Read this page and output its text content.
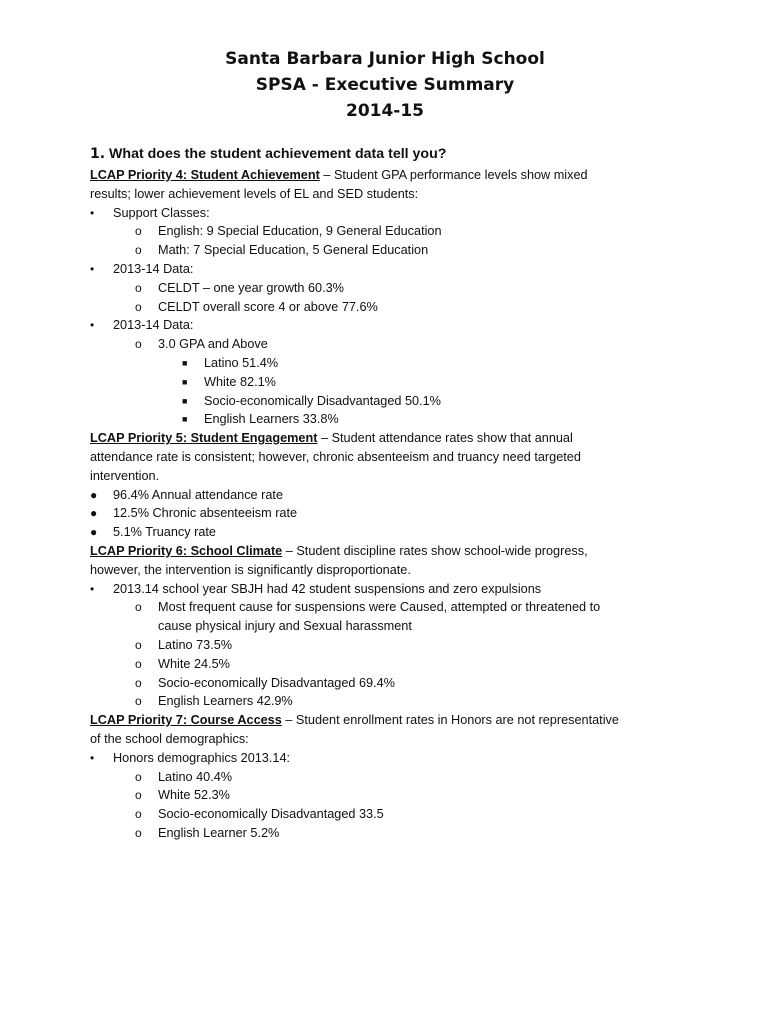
Santa Barbara Junior High School
SPSA - Executive Summary
2014-15
1. What does the student achievement data tell you?
LCAP Priority 4: Student Achievement – Student GPA performance levels show mixed
results; lower achievement levels of EL and SED students:
• Support Classes:
o English: 9 Special Education, 9 General Education
o Math: 7 Special Education, 5 General Education
• 2013-14 Data:
o CELDT – one year growth 60.3%
o CELDT overall score 4 or above 77.6%
• 2013-14 Data:
o 3.0 GPA and Above
■ Latino 51.4%
■ White 82.1%
■ Socio-economically Disadvantaged 50.1%
■ English Learners 33.8%
LCAP Priority 5: Student Engagement – Student attendance rates show that annual
attendance rate is consistent; however, chronic absenteeism and truancy need targeted
intervention.
● 96.4% Annual attendance rate
● 12.5% Chronic absenteeism rate
● 5.1% Truancy rate
LCAP Priority 6: School Climate – Student discipline rates show school-wide progress,
however, the intervention is significantly disproportionate.
• 2013.14 school year SBJH had 42 student suspensions and zero expulsions
o Most frequent cause for suspensions were Caused, attempted or threatened to
cause physical injury and Sexual harassment
o Latino 73.5%
o White 24.5%
o Socio-economically Disadvantaged 69.4%
o English Learners 42.9%
LCAP Priority 7: Course Access – Student enrollment rates in Honors are not representative
of the school demographics:
• Honors demographics 2013.14:
o Latino 40.4%
o White 52.3%
o Socio-economically Disadvantaged 33.5
o English Learner 5.2%
